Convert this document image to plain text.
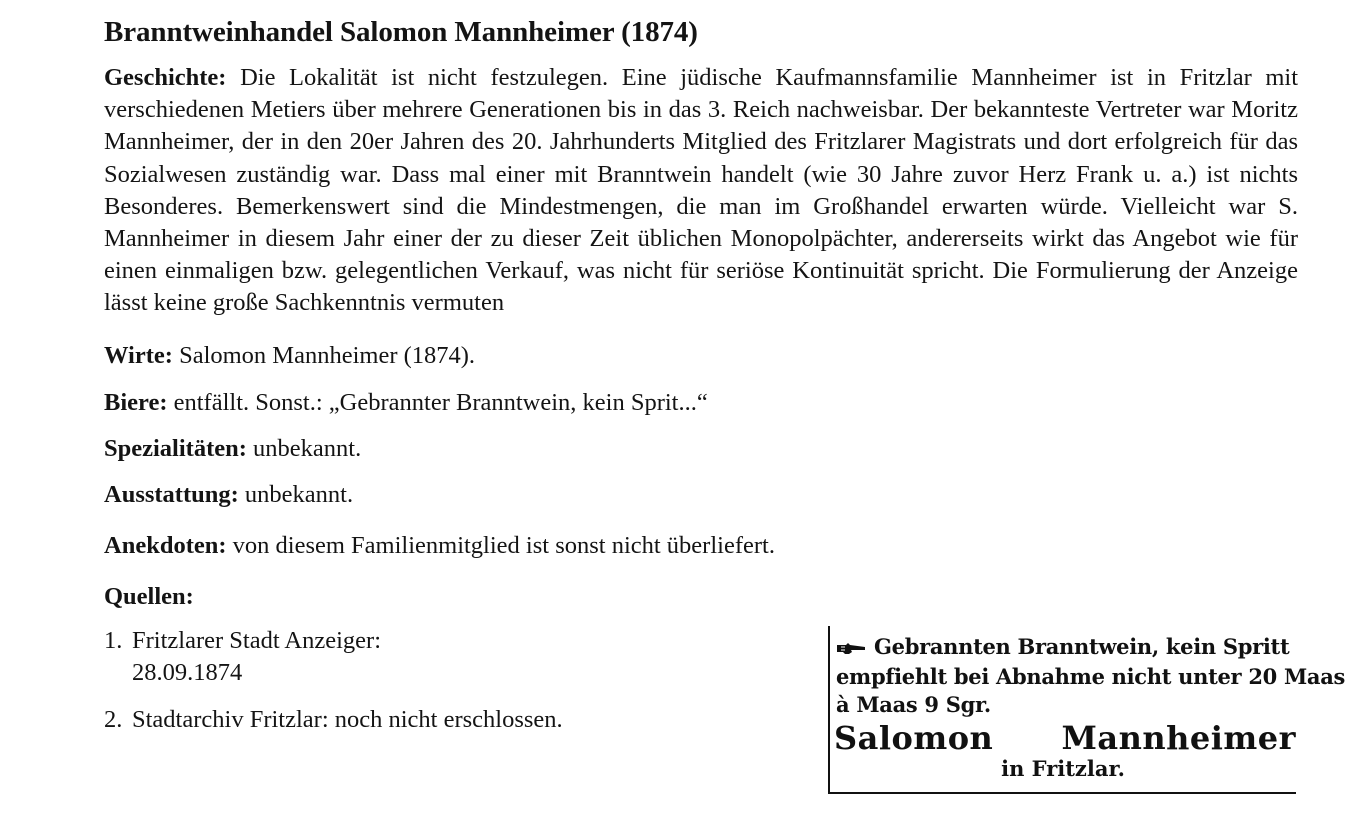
Branntweinhandel Salomon Mannheimer (1874)

Geschichte: Die Lokalität ist nicht festzulegen. Eine jüdische Kaufmannsfamilie Mannheimer ist in Fritzlar mit verschiedenen Metiers über mehrere Generationen bis in das 3. Reich nachweisbar. Der bekannteste Vertreter war Moritz Mannheimer, der in den 20er Jahren des 20. Jahrhunderts Mitglied des Fritzlarer Magistrats und dort erfolgreich für das Sozialwesen zuständig war. Dass mal einer mit Branntwein handelt (wie 30 Jahre zuvor Herz Frank u. a.) ist nichts Besonderes. Bemerkenswert sind die Mindestmengen, die man im Großhandel erwarten würde. Vielleicht war S. Mannheimer in diesem Jahr einer der zu dieser Zeit üblichen Monopolpächter, andererseits wirkt das Angebot wie für einen einmaligen bzw. gelegentlichen Verkauf, was nicht für seriöse Kontinuität spricht. Die Formulierung der Anzeige lässt keine große Sachkenntnis vermuten

Wirte: Salomon Mannheimer (1874).

Biere: entfällt. Sonst.: „Gebrannter Branntwein, kein Sprit...“

Spezialitäten: unbekannt.

Ausstattung: unbekannt.

Anekdoten: von diesem Familienmitglied ist sonst nicht überliefert.

Quellen:

1. Fritzlarer Stadt Anzeiger: 28.09.1874
2. Stadtarchiv Fritzlar: noch nicht erschlossen.
Gebrannten Branntwein, kein Spritt
empfiehlt bei Abnahme nicht unter 20 Maas
à Maas 9 Sgr.
Salomon Mannheimer
in Fritzlar.
